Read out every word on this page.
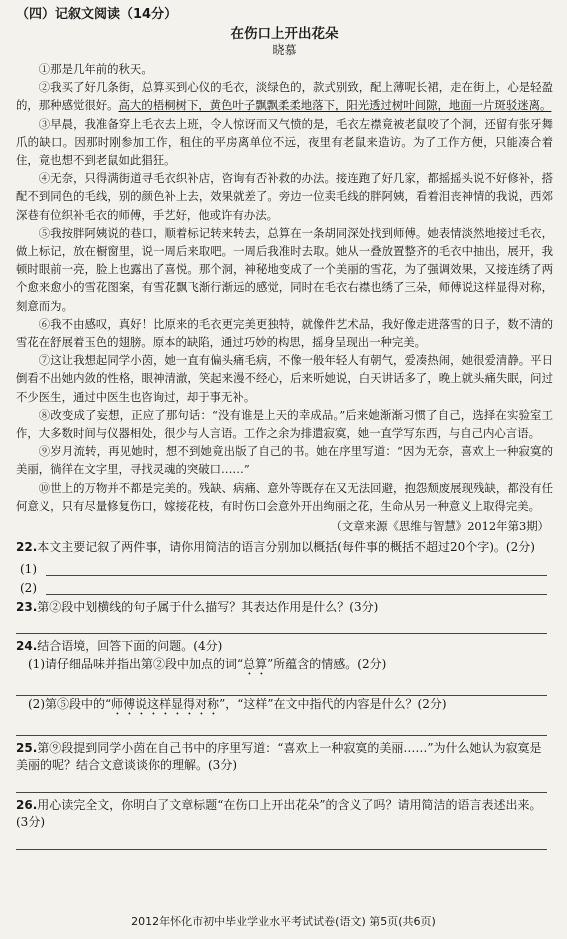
（四）记叙文阅读（14分）
在伤口上开出花朵
晓慕
①那是几年前的秋天。
②我买了好几条街，总算买到心仪的毛衣，淡绿色的，款式别致，配上薄呢长裙，走在街上，心是轻盈的，那种感觉很好。高大的梧桐树下，黄色叶子飘飘柔柔地落下，阳光透过树叶间隙，地面一片斑驳迷离。
③早晨，我准备穿上毛衣去上班，令人惊讶而又气愤的是，毛衣左襟竟被老鼠咬了个洞，还留有张牙舞爪的缺口。因那时刚参加工作，租住的平房离单位不远，夜里有老鼠来造访。为了工作方便，只能凑合着住，竟也想不到老鼠如此猖狂。
④无奈，只得满街道寻毛衣织补店，咨询有否补救的办法。接连跑了好几家，都摇摇头说不好修补，搭配不到同色的毛线，别的颜色补上去，效果就差了。旁边一位卖毛线的胖阿姨，看着泪丧神情的我说，西郊深巷有位织补毛衣的师傅，手艺好，他或许有办法。
⑤我按胖阿姨说的巷口，顺着标记转来转去，总算在一条胡同深处找到师傅。她表情淡然地接过毛衣，做上标记，放在橱窗里，说一周后来取吧。一周后我准时去取。她从一叠放置整齐的毛衣中抽出，展开，我顿时眼前一亮，脸上也露出了喜悦。那个洞，神秘地变成了一个美丽的雪花，为了强调效果，又接连绣了两个愈来愈小的雪花图案，有雪花飘飞渐行渐远的感觉，同时在毛衣右襟也绣了三朵，师傅说这样显得对称，刻意而为。
⑥我不由感叹，真好！比原来的毛衣更完美更独特，就像件艺术品，我好像走进落雪的日子，数不清的雪花在舒展着玉色的翅膀。原本的缺陷，通过巧妙的构思，摇身呈现出一种完美。
⑦这让我想起同学小茵，她一直有偏头痛毛病，不像一般年轻人有朝气，爱凑热闹，她很爱清静。平日倒看不出她内敛的性格，眼神清澈，笑起来漫不经心，后来听她说，白天讲话多了，晚上就头痛失眠，问过不少医生，通过中医生也咨询过，却于事无补。
⑧改变成了妄想，正应了那句话：“没有谁是上天的幸成品。”后来她渐渐习惯了自己，选择在实验室工作，大多数时间与仪器相处，很少与人言语。工作之余为排遣寂寞，她一直学写东西，与自己内心言语。
⑨岁月流转，再见她时，想不到她竟出版了自己的书。她在序里写道：“因为无奈，喜欢上一种寂寞的美丽，徜徉在文字里，寻找灵魂的突破口……”
⑩世上的万物并不都是完美的。残缺、病痛、意外等既存在又无法回避，抱怨颓废展现残缺，都没有任何意义，只有尽量修复伤口，嫁接花枝，有时伤口会意外开出绚丽之花，生命从另一种意义上取得完美。
（文章来源《思维与智慧》2012年第3期）
22.本文主要记叙了两件事，请你用简洁的语言分别加以概括(每件事的概括不超过20个字)。(2分)
(1)
(2)
23.第②段中划横线的句子属于什么描写？其表达作用是什么？(3分)
24.结合语境，回答下面的问题。(4分)
(1)请仔细品味并指出第②段中加点的词“总算”所蕴含的情感。(2分)
(2)第⑤段中的“师傅说这样显得对称”，“这样”在文中指代的内容是什么？(2分)
25.第⑨段提到同学小茵在自己书中的序里写道：“喜欢上一种寂寞的美丽……”为什么她认为寂寞是美丽的呢？结合文意谈谈你的理解。(3分)
26.用心读完全文，你明白了文章标题“在伤口上开出花朵”的含义了吗？请用简洁的语言表述出来。(3分)
2012年怀化市初中毕业学业水平考试试卷(语文) 第5页(共6页)
